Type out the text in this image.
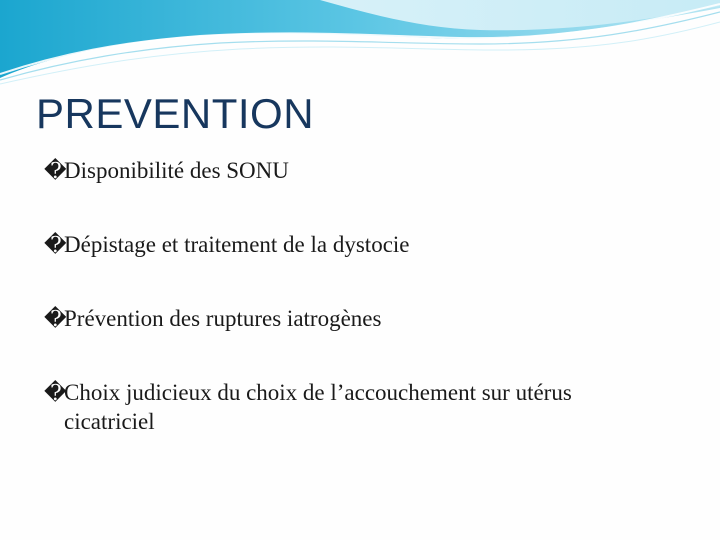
PREVENTION
�
Disponibilité des SONU
�
Dépistage et traitement de la dystocie
�
Prévention des ruptures iatrogènes
�
Choix judicieux du choix de l’accouchement sur utérus cicatriciel
